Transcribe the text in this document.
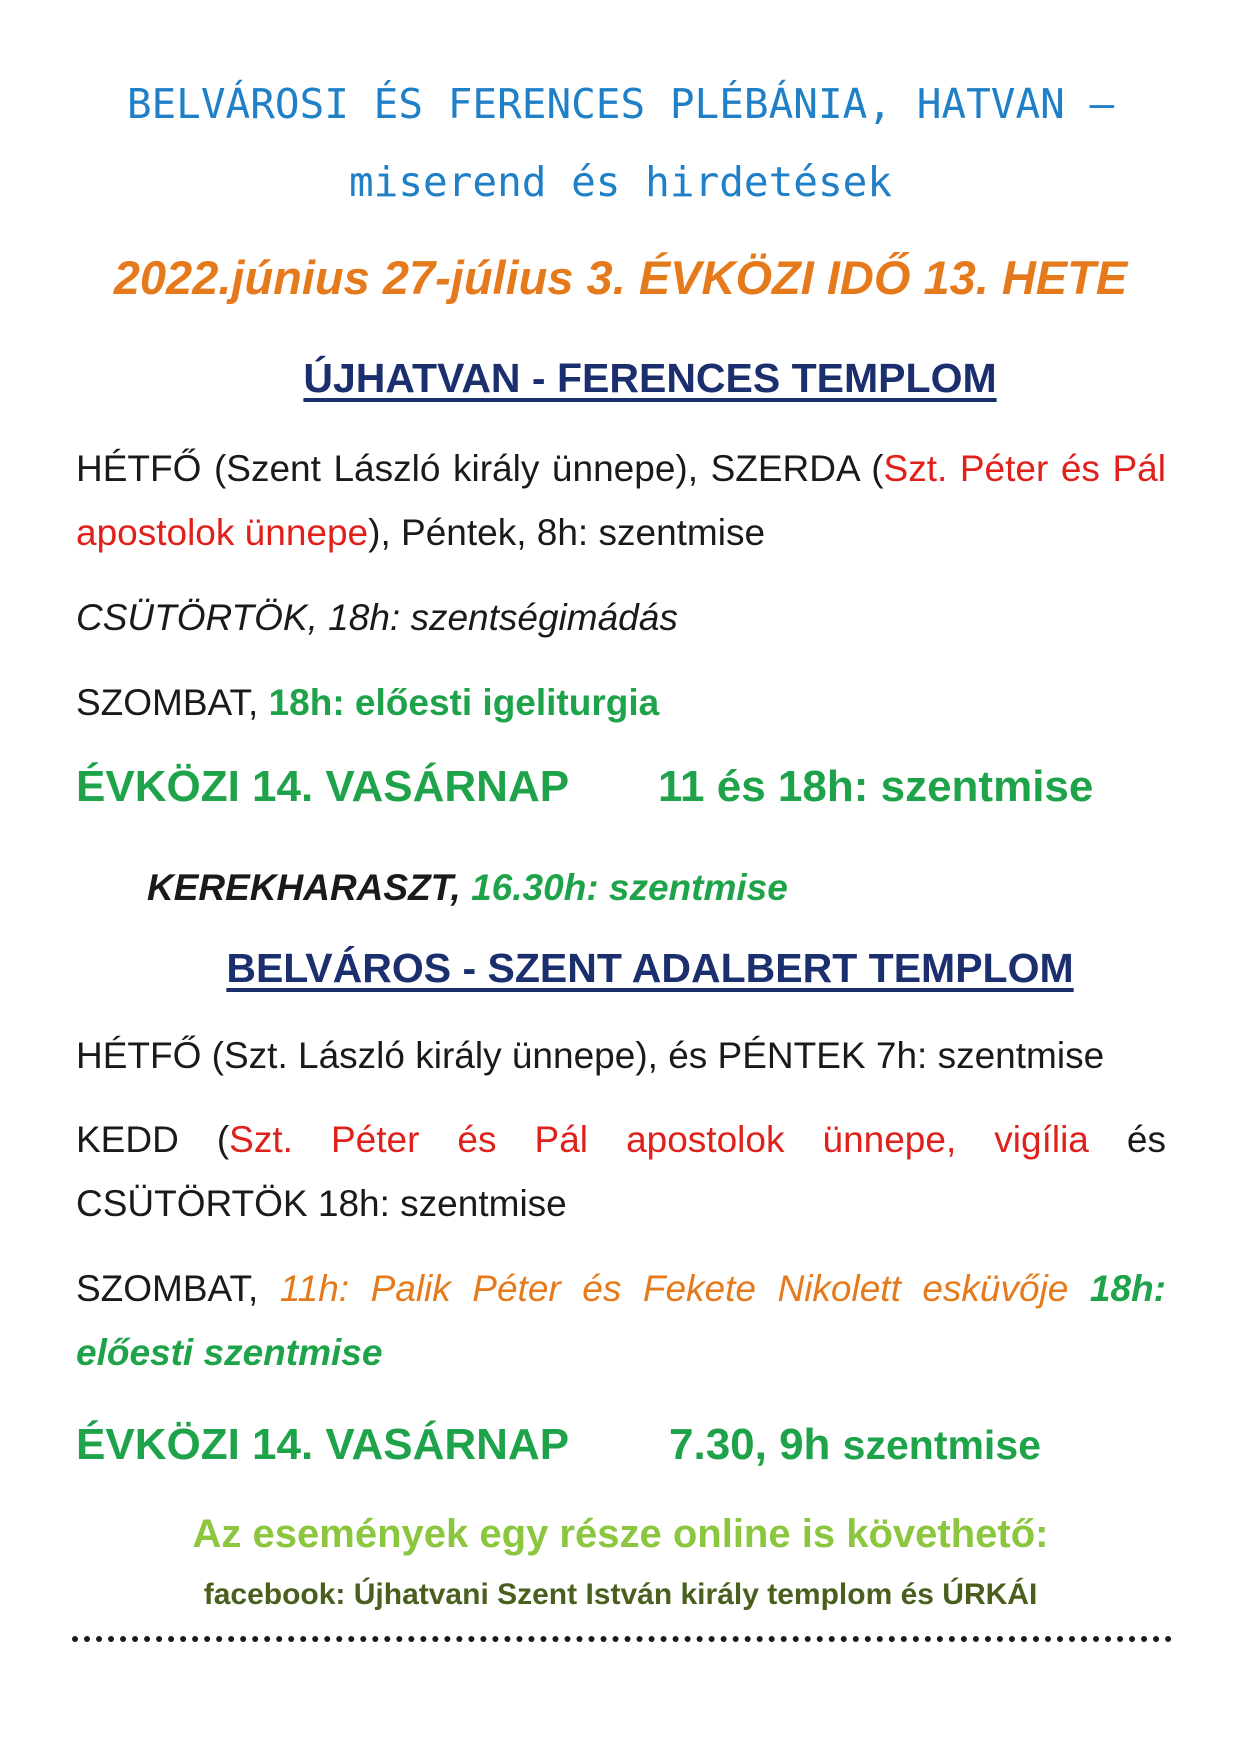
BELVÁROSI ÉS FERENCES PLÉBÁNIA, HATVAN –
miserend és hirdetések
2022.június 27-július 3. ÉVKÖZI IDŐ 13. HETE
ÚJHATVAN - FERENCES TEMPLOM
HÉTFŐ (Szent László király ünnepe), SZERDA (Szt. Péter és Pál apostolok ünnepe), Péntek, 8h: szentmise
CSÜTÖRTÖK, 18h: szentségimádás
SZOMBAT, 18h: előesti igeliturgia
ÉVKÖZI 14. VASÁRNAP 11 és 18h: szentmise
KEREKHARASZT, 16.30h: szentmise
BELVÁROS - SZENT ADALBERT TEMPLOM
HÉTFŐ (Szt. László király ünnepe), és PÉNTEK 7h: szentmise
KEDD (Szt. Péter és Pál apostolok ünnepe, vigília és CSÜTÖRTÖK 18h: szentmise
SZOMBAT, 11h: Palik Péter és Fekete Nikolett esküvője 18h: előesti szentmise
ÉVKÖZI 14. VASÁRNAP 7.30, 9h szentmise
Az események egy része online is követhető:
facebook: Újhatvani Szent István király templom és ÚRKÁI
